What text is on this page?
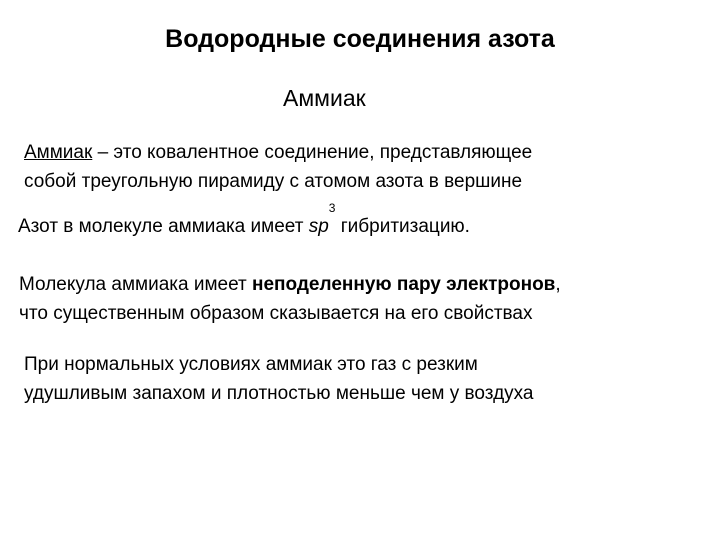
Водородные соединения азота
Аммиак
Аммиак – это ковалентное соединение, представляющее
собой треугольную пирамиду с атомом азота в вершине
Азот в молекуле аммиака имеет $sp^3$ гибритизацию.
Молекула аммиака имеет неподеленную пару электронов,
что существенным образом сказывается на его свойствах
При нормальных условиях аммиак это газ с резким
удушливым запахом и плотностью меньше чем у воздуха
